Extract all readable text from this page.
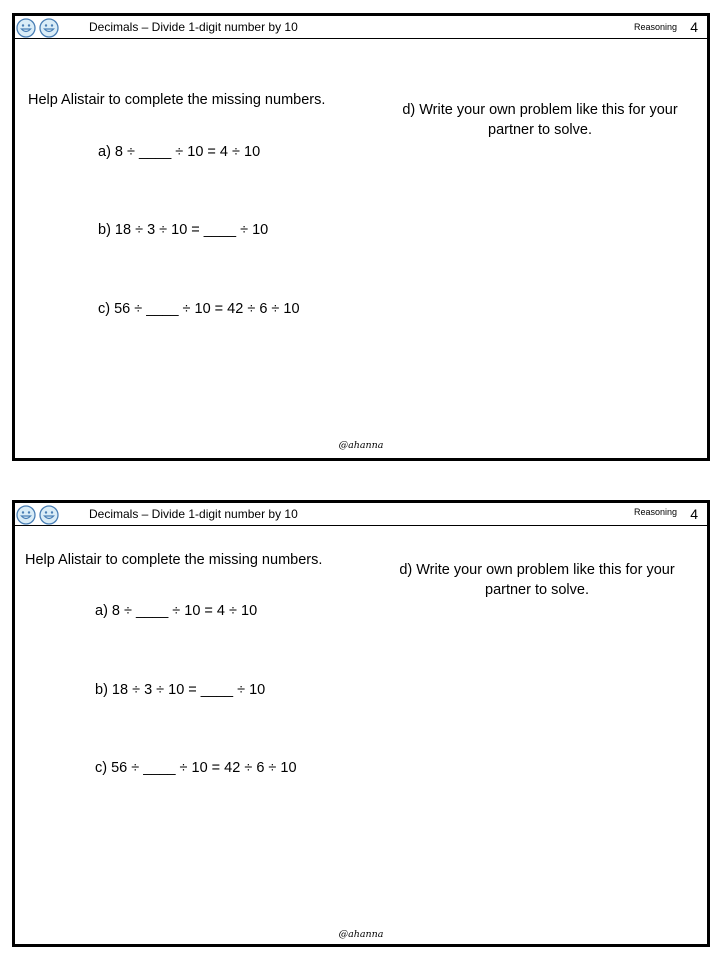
Decimals – Divide 1-digit number by 10	Reasoning 4
Help Alistair to complete the missing numbers.
a) 8 ÷ ____ ÷ 10 = 4 ÷ 10
b) 18 ÷ 3 ÷ 10 = ____ ÷ 10
c) 56 ÷ ____ ÷ 10 = 42 ÷ 6 ÷ 10
d) Write your own problem like this for your partner to solve.
@ahanna
Decimals – Divide 1-digit number by 10	Reasoning 4
Help Alistair to complete the missing numbers.
a) 8 ÷ ____ ÷ 10 = 4 ÷ 10
b) 18 ÷ 3 ÷ 10 = ____ ÷ 10
c) 56 ÷ ____ ÷ 10 = 42 ÷ 6 ÷ 10
d) Write your own problem like this for your partner to solve.
@ahanna
